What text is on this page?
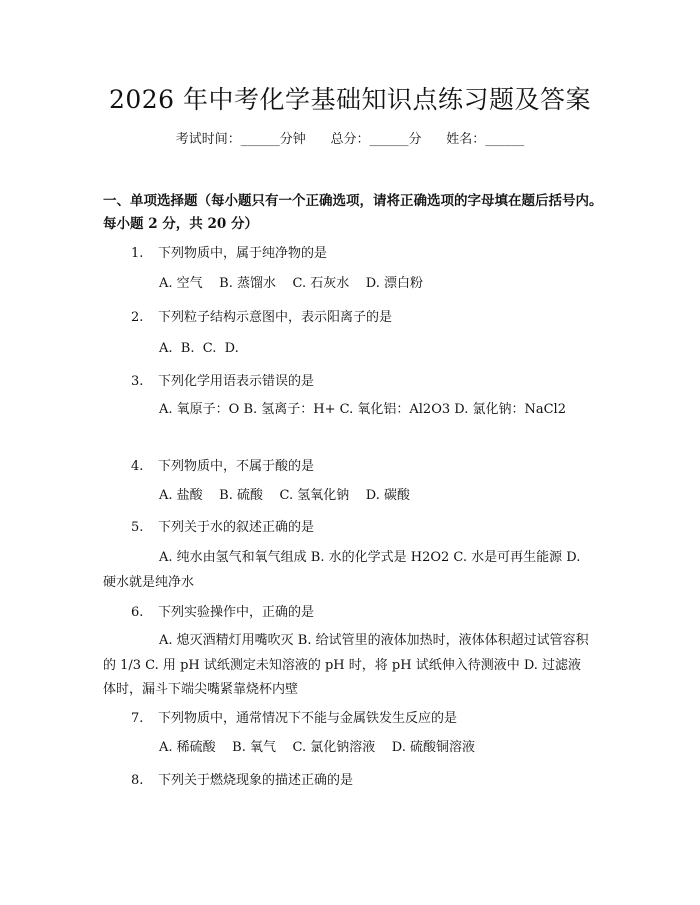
2026 年中考化学基础知识点练习题及答案
考试时间：______分钟      总分：______分      姓名：______
一、单项选择题（每小题只有一个正确选项，请将正确选项的字母填在题后括号内。每小题 2 分，共 20 分）
1. 下列物质中，属于纯净物的是
A. 空气    B. 蒸馏水    C. 石灰水    D. 漂白粉
2. 下列粒子结构示意图中，表示阳离子的是
A.  B.  C.  D.
3. 下列化学用语表示错误的是
A. 氧原子：O B. 氢离子：H+ C. 氧化铝：Al2O3 D. 氯化钠：NaCl2
4. 下列物质中，不属于酸的是
A. 盐酸    B. 硫酸    C. 氢氧化钠    D. 碳酸
5. 下列关于水的叙述正确的是
A. 纯水由氢气和氧气组成 B. 水的化学式是 H2O2 C. 水是可再生能源 D. 硬水就是纯净水
6. 下列实验操作中，正确的是
A. 熄灭酒精灯用嘴吹灭 B. 给试管里的液体加热时，液体体积超过试管容积的 1/3 C. 用 pH 试纸测定未知溶液的 pH 时，将 pH 试纸伸入待测液中 D. 过滤液体时，漏斗下端尖嘴紧靠烧杯内壁
7. 下列物质中，通常情况下不能与金属铁发生反应的是
A. 稀硫酸    B. 氧气    C. 氯化钠溶液    D. 硫酸铜溶液
8. 下列关于燃烧现象的描述正确的是
